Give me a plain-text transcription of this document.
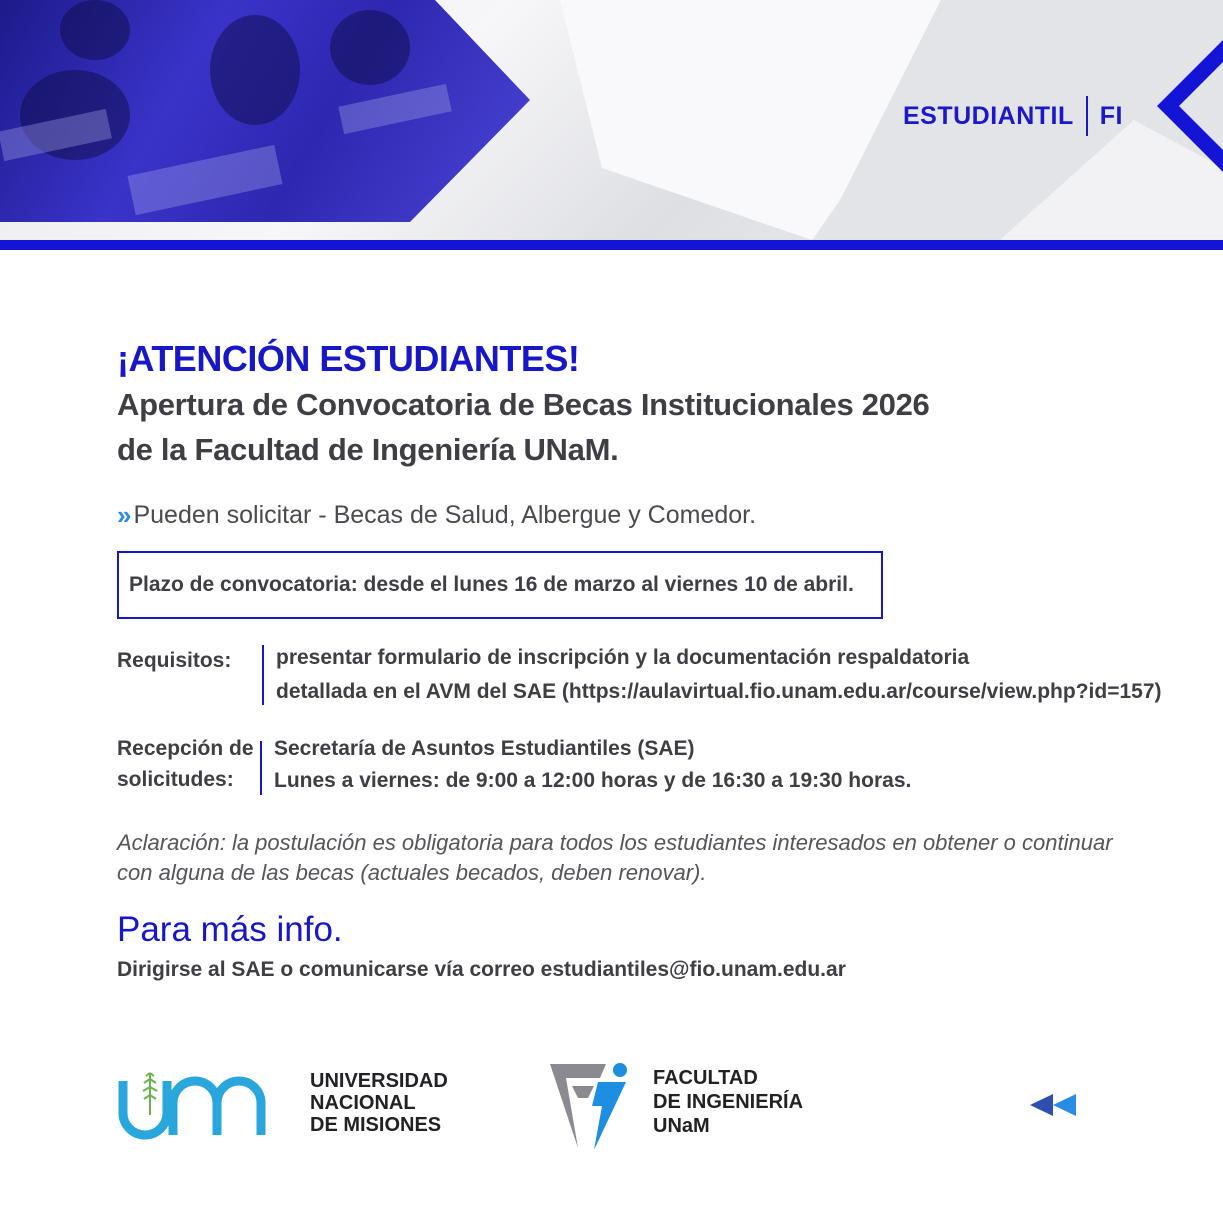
ESTUDIANTIL FI
¡ATENCIÓN ESTUDIANTES!
Apertura de Convocatoria de Becas Institucionales 2026
de la Facultad de Ingeniería UNaM.
» Pueden solicitar - Becas de Salud, Albergue y Comedor.
Plazo de convocatoria: desde el lunes 16 de marzo al viernes 10 de abril.
Requisitos:	presentar formulario de inscripción y la documentación respaldatoria
detallada en el AVM del SAE (https://aulavirtual.fio.unam.edu.ar/course/view.php?id=157)
Recepción de
solicitudes:
Secretaría de Asuntos Estudiantiles (SAE)
Lunes a viernes: de 9:00 a 12:00 horas y de 16:30 a 19:30 horas.
Aclaración: la postulación es obligatoria para todos los estudiantes interesados en obtener o continuar
con alguna de las becas (actuales becados, deben renovar).
Para más info.
Dirigirse al SAE o comunicarse vía correo estudiantiles@fio.unam.edu.ar
UNIVERSIDAD
NACIONAL
DE MISIONES
FACULTAD
DE INGENIERÍA
UNaM
